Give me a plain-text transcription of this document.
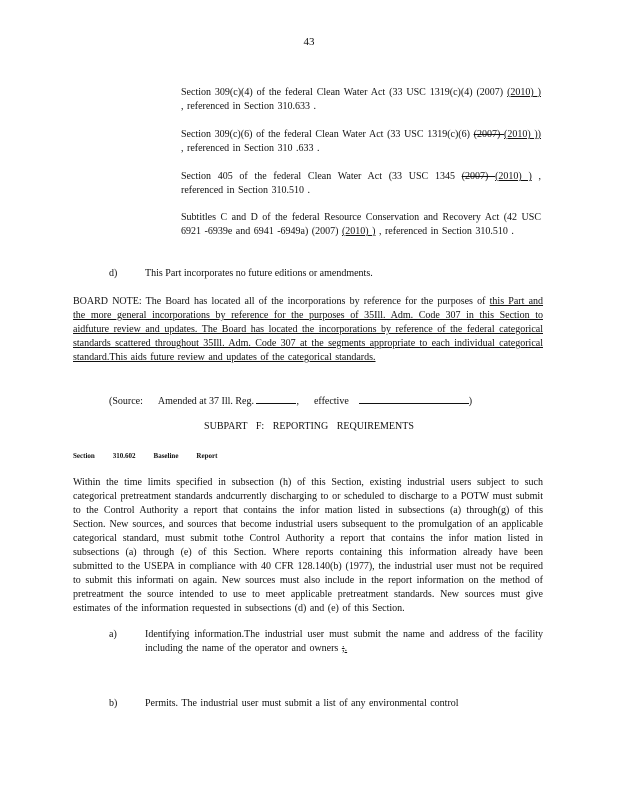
43
Section 309(c)(4) of the federal Clean Water Act (33 USC 1319(c)(4) (2007) (2010) ) , referenced in Section 310.633 .
Section 309(c)(6) of the federal Clean Water Act (33 USC 1319(c)(6) (2007) (2010) )) , referenced in Section 310 .633 .
Section 405 of the federal Clean Water Act (33 USC 1345 (2007) (2010) ) , referenced in Section 310.510 .
Subtitles C and D of the federal Resource Conservation and Recovery Act (42 USC 6921 -6939e and 6941 -6949a) (2007) (2010) ) , referenced in Section 310.510 .
d)	This Part incorporates no future editions or amendments.
BOARD NOTE: The Board has located all of the incorporations by reference for the purposes of this Part and the more general incorporations by reference for the purposes of 35Ill. Adm. Code 307 in this Section to aidfuture review and updates. The Board has located the incorporations by reference of the federal categorical standards scattered throughout 35Ill. Adm. Code 307 at the segments appropriate to each individual categorical standard.This aids future review and updates of the categorical standards.
(Source: Amended at 37 Ill. Reg.	, effective	)
SUBPART F: REPORTING REQUIREMENTS
Section	310.602	Baseline	Report
Within the time limits specified in subsection (h) of this Section, existing industrial users subject to such categorical pretreatment standards andcurrently discharging to or scheduled to discharge to a POTW must submit to the Control Authority a report that contains the infor mation listed in subsections (a) through(g) of this Section. New sources, and sources that become industrial users subsequent to the promulgation of an applicable categorical standard, must submit tothe Control Authority a report that contains the infor mation listed in subsections (a) through (e) of this Section. Where reports containing this information already have been submitted to the USEPA in compliance with 40 CFR 128.140(b) (1977), the industrial user must not be required to submit this informati on again. New sources must also include in the report information on the method of pretreatment the source intended to use to meet applicable pretreatment standards. New sources must give estimates of the information requested in subsections (d) and (e) of this Section.
a)	Identifying information.The industrial user must submit the name and address of the facility including the name of the operator and owners ;.
b)	Permits. The industrial user must submit a list of any environmental control
